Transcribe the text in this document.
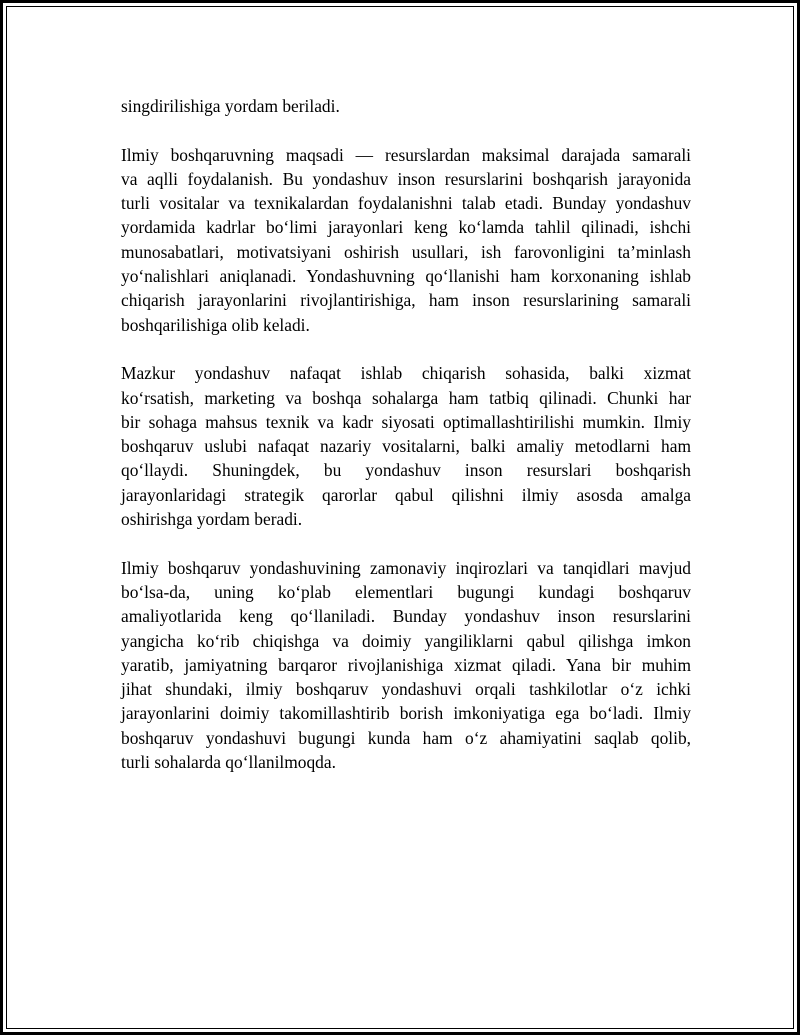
singdirilishiga yordam beriladi.

Ilmiy boshqaruvning maqsadi — resurslardan maksimal darajada samarali
va aqlli foydalanish. Bu yondashuv inson resurslarini boshqarish jarayonida
turli vositalar va texnikalardan foydalanishni talab etadi. Bunday yondashuv
yordamida kadrlar bo‘limi jarayonlari keng ko‘lamda tahlil qilinadi, ishchi
munosabatlari, motivatsiyani oshirish usullari, ish farovonligini ta’minlash
yo‘nalishlari aniqlanadi. Yondashuvning qo‘llanishi ham korxonaning ishlab
chiqarish jarayonlarini rivojlantirishiga, ham inson resurslarining samarali
boshqarilishiga olib keladi.

Mazkur yondashuv nafaqat ishlab chiqarish sohasida, balki xizmat
ko‘rsatish, marketing va boshqa sohalarga ham tatbiq qilinadi. Chunki har
bir sohaga mahsus texnik va kadr siyosati optimallashtirilishi mumkin. Ilmiy
boshqaruv uslubi nafaqat nazariy vositalarni, balki amaliy metodlarni ham
qo‘llaydi. Shuningdek, bu yondashuv inson resurslari boshqarish
jarayonlaridagi strategik qarorlar qabul qilishni ilmiy asosda amalga
oshirishga yordam beradi.

Ilmiy boshqaruv yondashuvining zamonaviy inqirozlari va tanqidlari mavjud
bo‘lsa-da, uning ko‘plab elementlari bugungi kundagi boshqaruv
amaliyotlarida keng qo‘llaniladi. Bunday yondashuv inson resurslarini
yangicha ko‘rib chiqishga va doimiy yangiliklarni qabul qilishga imkon
yaratib, jamiyatning barqaror rivojlanishiga xizmat qiladi. Yana bir muhim
jihat shundaki, ilmiy boshqaruv yondashuvi orqali tashkilotlar o‘z ichki
jarayonlarini doimiy takomillashtirib borish imkoniyatiga ega bo‘ladi. Ilmiy
boshqaruv yondashuvi bugungi kunda ham o‘z ahamiyatini saqlab qolib,
turli sohalarda qo‘llanilmoqda.
